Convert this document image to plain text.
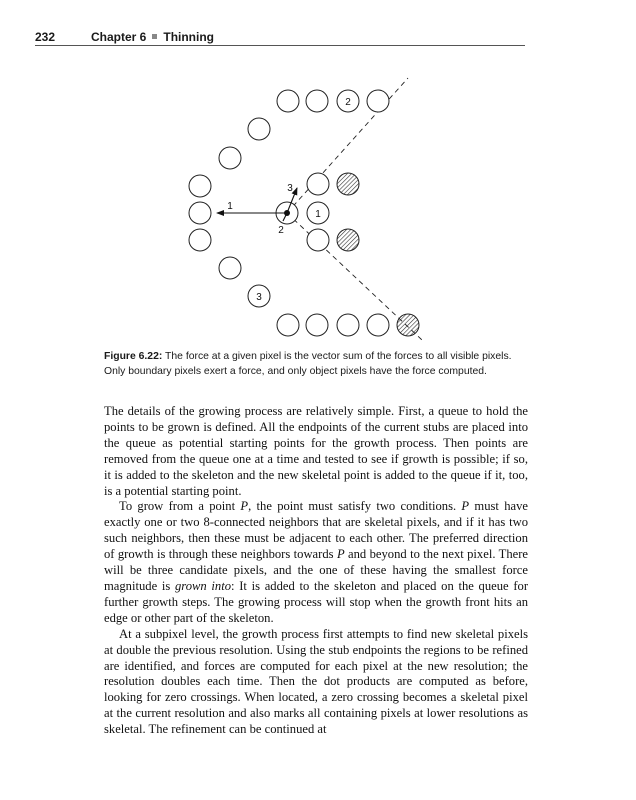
232	Chapter 6 Thinning
2
1
3
2
1
3
Figure 6.22: The force at a given pixel is the vector sum of the forces to all visible pixels. Only boundary pixels exert a force, and only object pixels have the force computed.

The details of the growing process are relatively simple. First, a queue to hold the points to be grown is defined. All the endpoints of the current stubs are placed into the queue as potential starting points for the growth process. Then points are removed from the queue one at a time and tested to see if growth is possible; if so, it is added to the skeleton and the new skeletal point is added to the queue if it, too, is a potential starting point.

To grow from a point P, the point must satisfy two conditions. P must have exactly one or two 8-connected neighbors that are skeletal pixels, and if it has two such neighbors, then these must be adjacent to each other. The preferred direction of growth is through these neighbors towards P and beyond to the next pixel. There will be three candidate pixels, and the one of these having the smallest force magnitude is grown into: It is added to the skeleton and placed on the queue for further growth steps. The growing process will stop when the growth front hits an edge or other part of the skeleton.

At a subpixel level, the growth process first attempts to find new skeletal pixels at double the previous resolution. Using the stub endpoints the regions to be refined are identified, and forces are computed for each pixel at the new resolution; the resolution doubles each time. Then the dot products are computed as before, looking for zero crossings. When located, a zero crossing becomes a skeletal pixel at the current resolution and also marks all containing pixels at lower resolutions as skeletal. The refinement can be continued at
